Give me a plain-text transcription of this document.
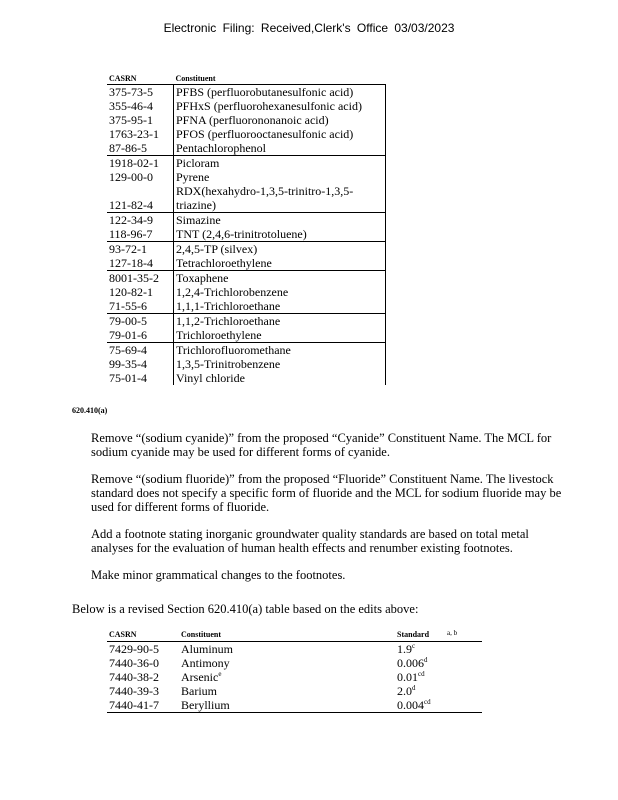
Electronic Filing: Received,Clerk's Office 03/03/2023
CASRN	Constituent
375-73-5	PFBS (perfluorobutanesulfonic acid)
355-46-4	PFHxS (perfluorohexanesulfonic acid)
375-95-1	PFNA (perfluorononanoic acid)
1763-23-1	PFOS (perfluorooctanesulfonic acid)
87-86-5	Pentachlorophenol
1918-02-1	Picloram
129-00-0	Pyrene
121-82-4	RDX(hexahydro-1,3,5-trinitro-1,3,5-triazine)
122-34-9	Simazine
118-96-7	TNT (2,4,6-trinitrotoluene)
93-72-1	2,4,5-TP (silvex)
127-18-4	Tetrachloroethylene
8001-35-2	Toxaphene
120-82-1	1,2,4-Trichlorobenzene
71-55-6	1,1,1-Trichloroethane
79-00-5	1,1,2-Trichloroethane
79-01-6	Trichloroethylene
75-69-4	Trichlorofluoromethane
99-35-4	1,3,5-Trinitrobenzene
75-01-4	Vinyl chloride
620.410(a)
Remove “(sodium cyanide)” from the proposed “Cyanide” Constituent Name. The MCL for sodium cyanide may be used for different forms of cyanide.
Remove “(sodium fluoride)” from the proposed “Fluoride” Constituent Name. The livestock standard does not specify a specific form of fluoride and the MCL for sodium fluoride may be used for different forms of fluoride.
Add a footnote stating inorganic groundwater quality standards are based on total metal analyses for the evaluation of human health effects and renumber existing footnotes.
Make minor grammatical changes to the footnotes.
Below is a revised Section 620.410(a) table based on the edits above:
CASRN	Constituent	Standard $^{a, b}$
7429-90-5	Aluminum	1.9$^c$
7440-36-0	Antimony	0.006$^d$
7440-38-2	Arsenic$^e$	0.01$^{cd}$
7440-39-3	Barium	2.0$^d$
7440-41-7	Beryllium	0.004$^{cd}$
